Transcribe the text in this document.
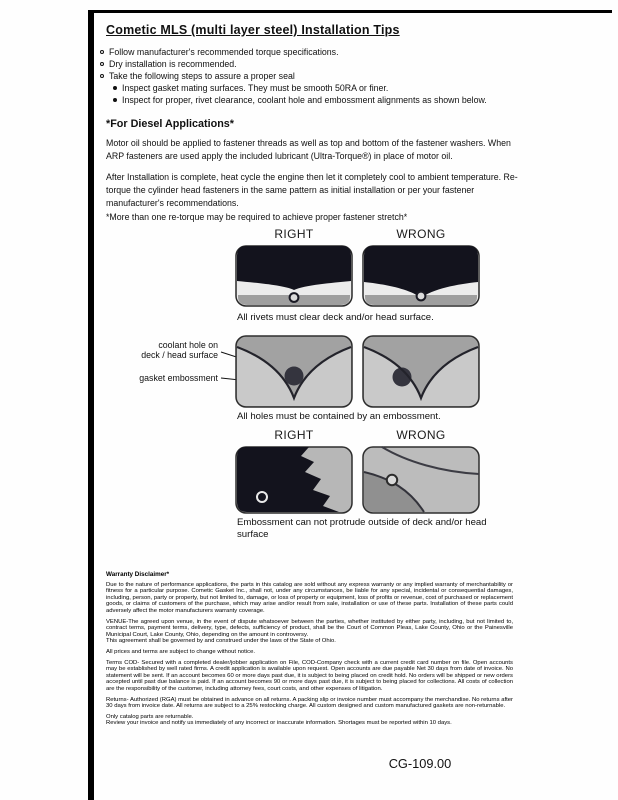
Cometic MLS (multi layer steel) Installation Tips
Follow manufacturer's recommended torque specifications.
Dry installation is recommended.
Take the following steps to assure a proper seal
Inspect gasket mating surfaces. They must be smooth 50RA or finer.
Inspect for proper, rivet clearance, coolant hole and embossment alignments as shown below.
*For Diesel Applications*
Motor oil should be applied to fastener threads as well as top and bottom of the fastener washers. When ARP fasteners are used apply the included lubricant (Ultra-Torque®) in place of motor oil.
After Installation is complete, heat cycle the engine then let it completely cool to ambient temperature. Re-torque the cylinder head fasteners in the same pattern as initial installation or per your fastener manufacturer's recommendations.
*More than one re-torque may be required to achieve proper fastener stretch*
RIGHT	WRONG
All rivets must clear deck and/or head surface.
coolant hole on
deck / head surface
gasket embossment
All holes must be contained by an embossment.
RIGHT	WRONG
Embossment can not protrude outside of deck and/or head surface
Warranty Disclaimer*

Due to the nature of performance applications, the parts in this catalog are sold without any express warranty or any implied warranty of merchantability or fitness for a particular purpose. Cometic Gasket Inc., shall not, under any circumstances, be liable for any special, incidental or consequential damages, including, person, party or property, but not limited to, damage, or loss of property or equipment, loss of profits or revenue, cost of purchased or replacement goods, or claims of customers of the purchase, which may arise and/or result from sale, installation or use of these parts. Installation of these parts could adversely affect the motor manufacturers warranty coverage.

VENUE-The agreed upon venue, in the event of dispute whatsoever between the parties, whether instituted by either party, including, but not limited to, contract terms, payment terms, delivery, type, defects, sufficiency of product, shall be the Court of Common Pleas, Lake County, Ohio or the Painesville Municipal Court, Lake County, Ohio, depending on the amount in controversy.

This agreement shall be governed by and construed under the laws of the State of Ohio.

All prices and terms are subject to change without notice.

Terms COD- Secured with a completed dealer/jobber application on File, COD-Company check with a current credit card number on file. Open accounts may be established by well rated firms. A credit application is available upon request. Open accounts are due payable Net 30 days from date of invoice. No statement will be sent. If an account becomes 60 or more days past due, it is subject to being placed on credit hold. No orders will be shipped or new orders accepted until past due balance is paid. If an account becomes 90 or more days past due, it is subject to being placed for collections. All costs of collection are the responsibility of the customer, including attorney fees, court costs, and other expenses of litigation.

Returns- Authorized (RGA) must be obtained in advance on all returns. A packing slip or invoice number must accompany the merchandise. No returns after 30 days from invoice date. All returns are subject to a 25% restocking charge. All custom designed and custom manufactured gaskets are non-returnable.

Only catalog parts are returnable.

Review your invoice and notify us immediately of any incorrect or inaccurate information. Shortages must be reported within 10 days.

CG-109.00
